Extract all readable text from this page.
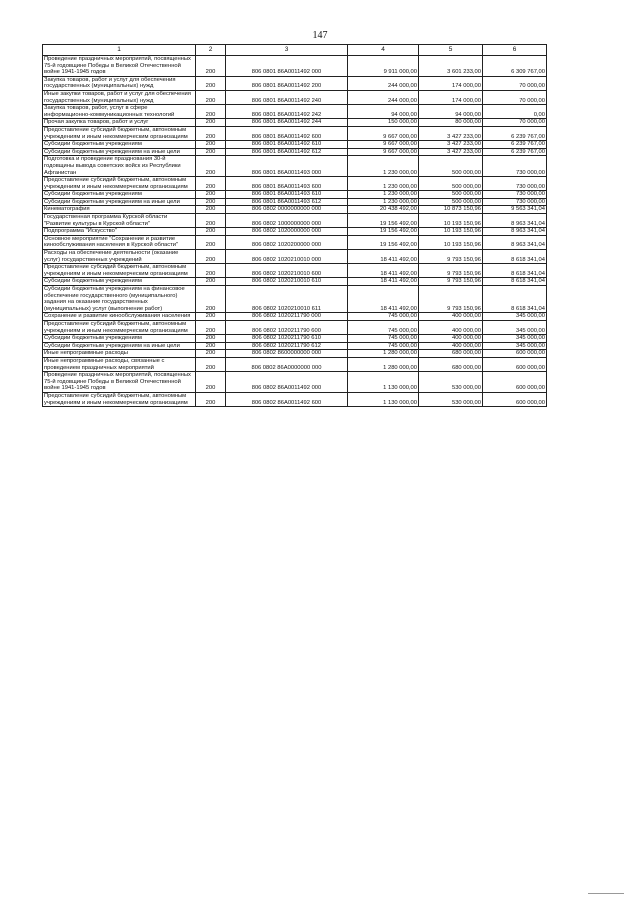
147
1	2	3	4	5	6
Проведение праздничных мероприятий, посвященных 75-й годовщине Победы в Великой Отечественной войне 1941-1945 годов	200	806 0801 86А0011492 000	9 911 000,00	3 601 233,00	6 309 767,00
Закупка товаров, работ и услуг для обеспечения государственных (муниципальных) нужд	200	806 0801 86А0011492 200	244 000,00	174 000,00	70 000,00
Иные закупки товаров, работ и услуг для обеспечения государственных (муниципальных) нужд	200	806 0801 86А0011492 240	244 000,00	174 000,00	70 000,00
Закупка товаров, работ, услуг в сфере информационно-коммуникационных технологий	200	806 0801 86А0011492 242	94 000,00	94 000,00	0,00
Прочая закупка товаров, работ и услуг	200	806 0801 86А0011492 244	150 000,00	80 000,00	70 000,00
Предоставление субсидий бюджетным, автономным учреждениям и иным некоммерческим организациям	200	806 0801 86А0011492 600	9 667 000,00	3 427 233,00	6 239 767,00
Субсидии бюджетным учреждениям	200	806 0801 86А0011492 610	9 667 000,00	3 427 233,00	6 239 767,00
Субсидии бюджетным учреждениям на иные цели	200	806 0801 86А0011492 612	9 667 000,00	3 427 233,00	6 239 767,00
Подготовка и проведение празднования 30-й годовщины вывода советских войск из Республики Афганистан	200	806 0801 86А0011493 000	1 230 000,00	500 000,00	730 000,00
Предоставление субсидий бюджетным, автономным учреждениям и иным некоммерческим организациям	200	806 0801 86А0011493 600	1 230 000,00	500 000,00	730 000,00
Субсидии бюджетным учреждениям	200	806 0801 86А0011493 610	1 230 000,00	500 000,00	730 000,00
Субсидии бюджетным учреждениям на иные цели	200	806 0801 86А0011493 612	1 230 000,00	500 000,00	730 000,00
Кинематография	200	806 0802 0000000000 000	20 438 492,00	10 873 150,96	9 563 341,04
Государственная программа Курской области "Развитие культуры в Курской области"	200	806 0802 1000000000 000	19 156 492,00	10 193 150,96	8 963 341,04
Подпрограмма "Искусство"	200	806 0802 1020000000 000	19 156 492,00	10 193 150,96	8 963 341,04
Основное мероприятие "Сохранение и развитие кинообслуживания населения в Курской области"	200	806 0802 1020200000 000	19 156 492,00	10 193 150,96	8 963 341,04
Расходы на обеспечение деятельности (оказание услуг) государственных учреждений	200	806 0802 1020210010 000	18 411 492,00	9 793 150,96	8 618 341,04
Предоставление субсидий бюджетным, автономным учреждениям и иным некоммерческим организациям	200	806 0802 1020210010 600	18 411 492,00	9 793 150,96	8 618 341,04
Субсидии бюджетным учреждениям	200	806 0802 1020210010 610	18 411 492,00	9 793 150,96	8 618 341,04
Субсидии бюджетным учреждениям на финансовое обеспечение государственного (муниципального) задания на оказание государственных (муниципальных) услуг (выполнение работ)	200	806 0802 1020210010 611	18 411 492,00	9 793 150,96	8 618 341,04
Сохранение и развитие кинообслуживания населения	200	806 0802 1020211790 000	745 000,00	400 000,00	345 000,00
Предоставление субсидий бюджетным, автономным учреждениям и иным некоммерческим организациям	200	806 0802 1020211790 600	745 000,00	400 000,00	345 000,00
Субсидии бюджетным учреждениям	200	806 0802 1020211790 610	745 000,00	400 000,00	345 000,00
Субсидии бюджетным учреждениям на иные цели	200	806 0802 1020211790 612	745 000,00	400 000,00	345 000,00
Иные непрограммные расходы	200	806 0802 8600000000 000	1 280 000,00	680 000,00	600 000,00
Иные непрограммные расходы, связанные с проведением праздничных мероприятий	200	806 0802 86А0000000 000	1 280 000,00	680 000,00	600 000,00
Проведение праздничных мероприятий, посвященных 75-й годовщине Победы в Великой Отечественной войне 1941-1945 годов	200	806 0802 86А0011492 000	1 130 000,00	530 000,00	600 000,00
Предоставление субсидий бюджетным, автономным учреждениям и иным некоммерческим организациям	200	806 0802 86А0011492 600	1 130 000,00	530 000,00	600 000,00
